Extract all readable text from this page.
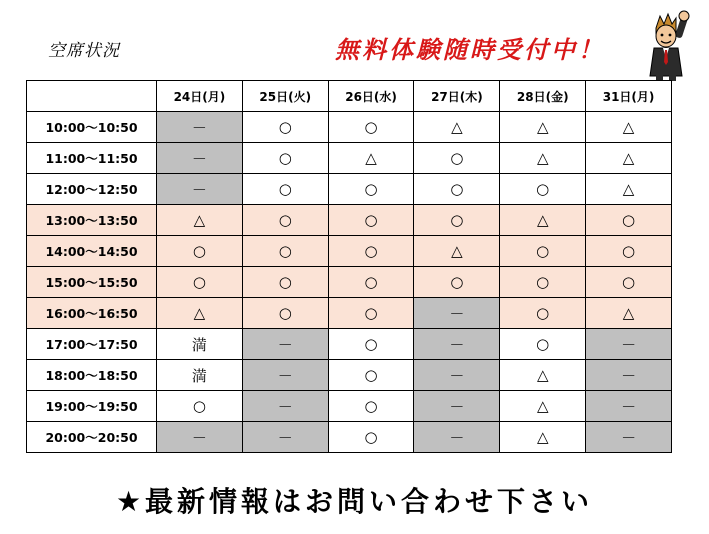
空席状況	無料体験随時受付中！
	24日(月)	25日(火)	26日(水)	27日(木)	28日(金)	31日(月)
10:00～10:50	－	○	○	△	△	△
11:00～11:50	－	○	△	○	△	△
12:00～12:50	－	○	○	○	○	△
13:00～13:50	△	○	○	○	△	○
14:00～14:50	○	○	○	△	○	○
15:00～15:50	○	○	○	○	○	○
16:00～16:50	△	○	○	－	○	△
17:00～17:50	満	－	○	－	○	－
18:00～18:50	満	－	○	－	△	－
19:00～19:50	○	－	○	－	△	－
20:00～20:50	－	－	○	－	△	－
★最新情報はお問い合わせ下さい
